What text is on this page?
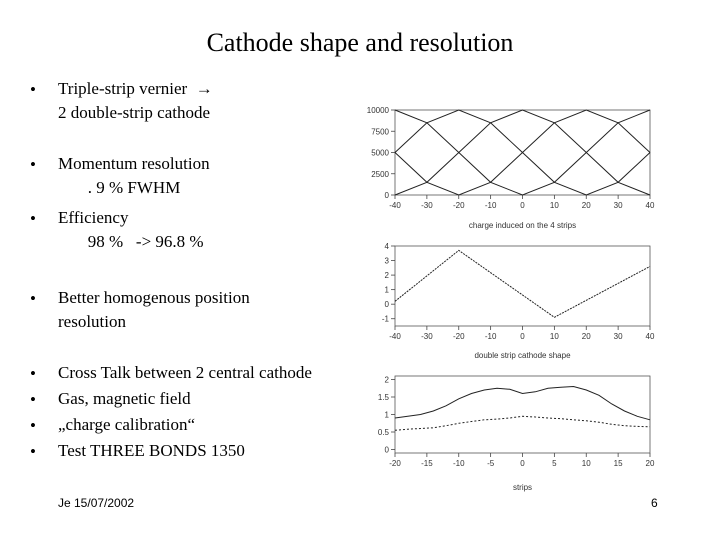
Cathode shape and resolution
• Triple-strip vernier  →
2 double-strip cathode
• Momentum resolution
. 9 % FWHM
• Efficiency
98 %   -> 96.8 %
• Better homogenous position
resolution
• Cross Talk between 2 central cathode
• Gas, magnetic field
• „charge calibration“
• Test THREE BONDS 1350
-40	-30	-20	-10	0	10	20	30	40
10000
7500
5000
2500
0
charge induced on the 4 strips
-40	-30	-20	-10	0	10	20	30	40
4
3
2
1
0
-1
double strip cathode shape
-20	-15	-10	-5	0	5	10	15	20
2
1.5
1
0.5
0
strips
Je 15/07/2002	6
